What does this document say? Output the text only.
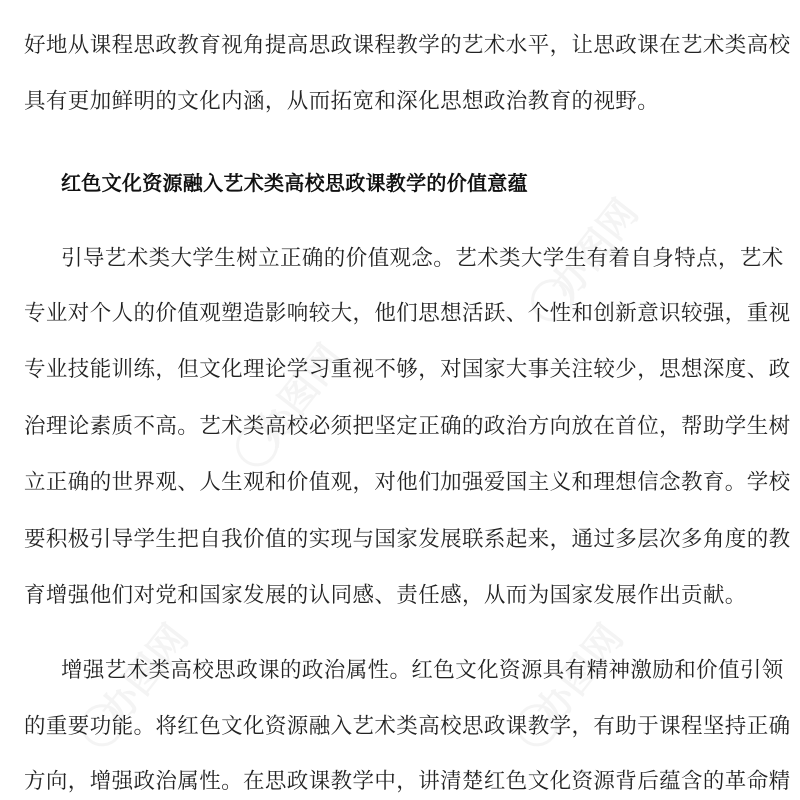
办图网
办图网
办图网
办图网
好地从课程思政教育视角提高思政课程教学的艺术水平，让思政课在艺术类高校
具有更加鲜明的文化内涵，从而拓宽和深化思想政治教育的视野。
红色文化资源融入艺术类高校思政课教学的价值意蕴
引导艺术类大学生树立正确的价值观念。艺术类大学生有着自身特点，艺术
专业对个人的价值观塑造影响较大，他们思想活跃、个性和创新意识较强，重视
专业技能训练，但文化理论学习重视不够，对国家大事关注较少，思想深度、政
治理论素质不高。艺术类高校必须把坚定正确的政治方向放在首位，帮助学生树
立正确的世界观、人生观和价值观，对他们加强爱国主义和理想信念教育。学校
要积极引导学生把自我价值的实现与国家发展联系起来，通过多层次多角度的教
育增强他们对党和国家发展的认同感、责任感，从而为国家发展作出贡献。
增强艺术类高校思政课的政治属性。红色文化资源具有精神激励和价值引领
的重要功能。将红色文化资源融入艺术类高校思政课教学，有助于课程坚持正确
方向，增强政治属性。在思政课教学中，讲清楚红色文化资源背后蕴含的革命精
